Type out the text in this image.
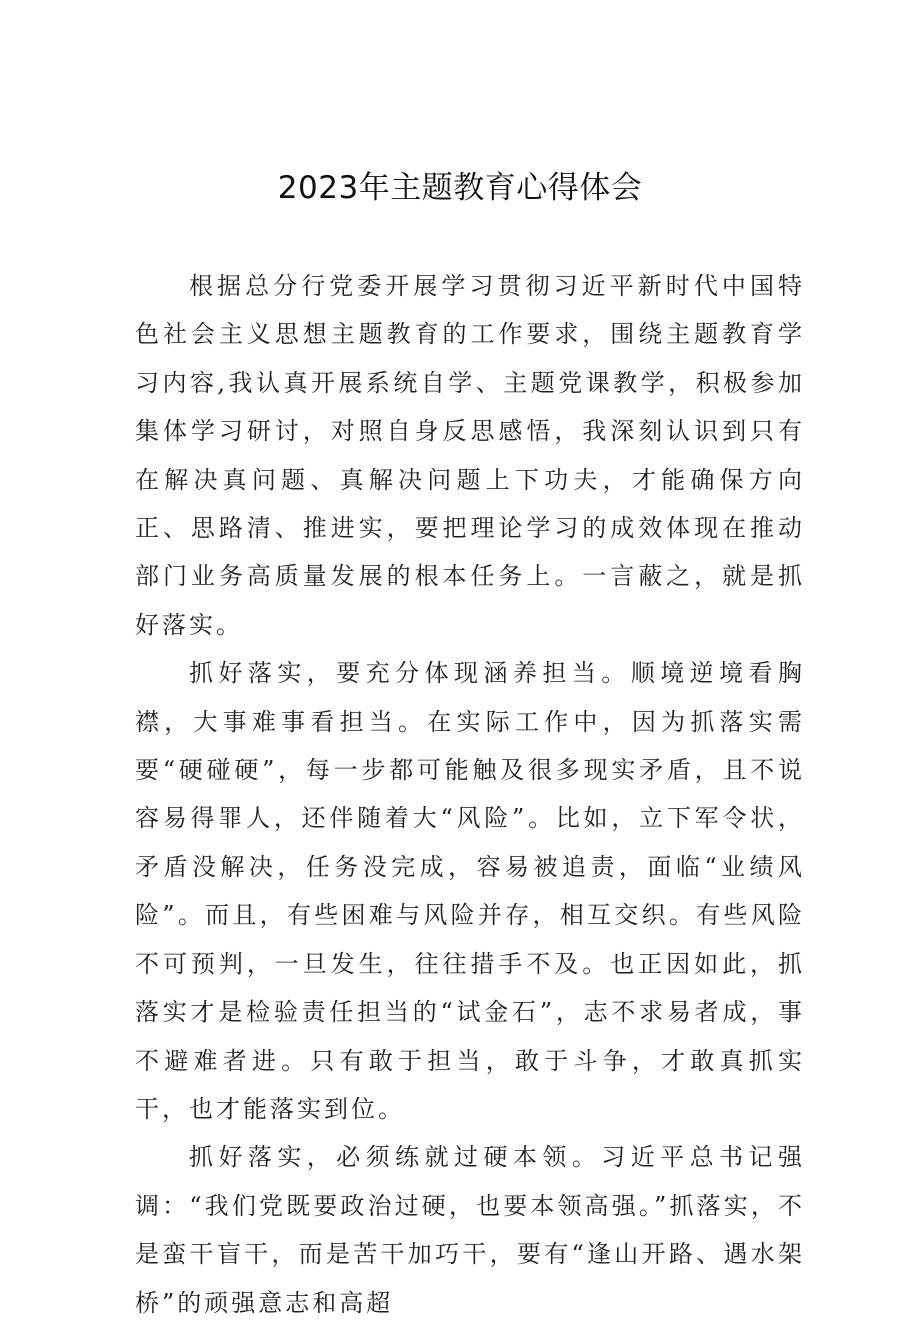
2023年主题教育心得体会

根据总分行党委开展学习贯彻习近平新时代中国特色社会主义思想主题教育的工作要求，围绕主题教育学习内容,我认真开展系统自学、主题党课教学，积极参加集体学习研讨，对照自身反思感悟，我深刻认识到只有在解决真问题、真解决问题上下功夫，才能确保方向正、思路清、推进实，要把理论学习的成效体现在推动部门业务高质量发展的根本任务上。一言蔽之，就是抓好落实。

抓好落实，要充分体现涵养担当。顺境逆境看胸襟，大事难事看担当。在实际工作中，因为抓落实需要“硬碰硬”，每一步都可能触及很多现实矛盾，且不说容易得罪人，还伴随着大“风险”。比如，立下军令状，矛盾没解决，任务没完成，容易被追责，面临“业绩风险”。而且，有些困难与风险并存，相互交织。有些风险不可预判，一旦发生，往往措手不及。也正因如此，抓落实才是检验责任担当的“试金石”，志不求易者成，事不避难者进。只有敢于担当，敢于斗争，才敢真抓实干，也才能落实到位。

抓好落实，必须练就过硬本领。习近平总书记强调：“我们党既要政治过硬，也要本领高强。”抓落实，不是蛮干盲干，而是苦干加巧干，要有“逢山开路、遇水架桥”的顽强意志和高超
